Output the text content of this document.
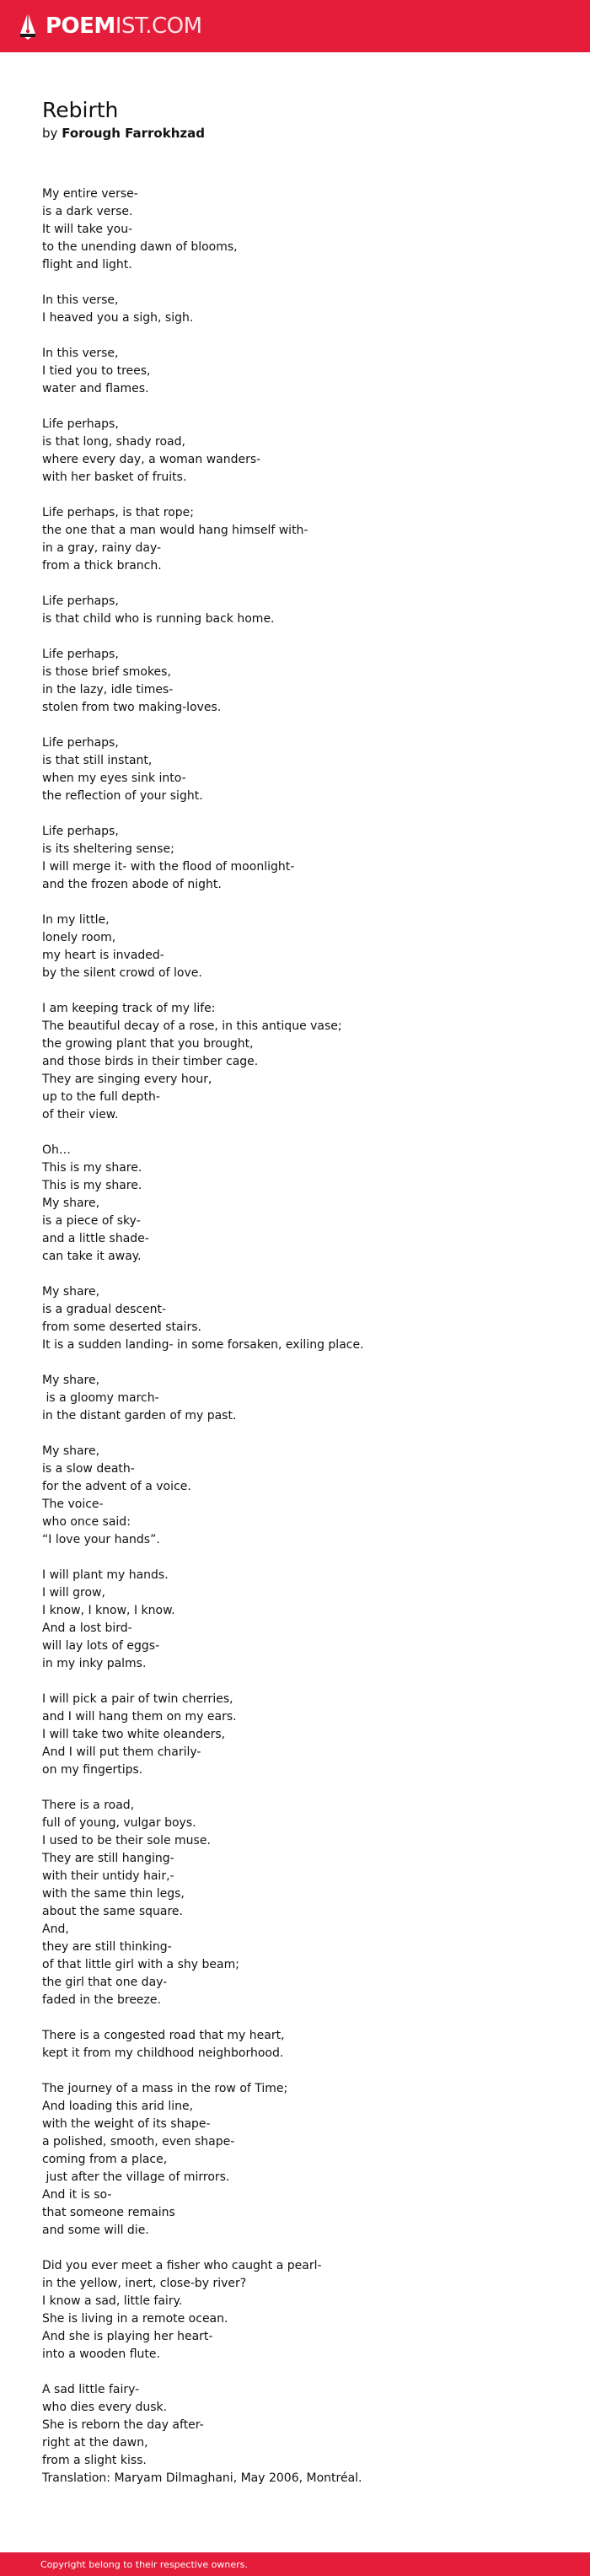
POEMIST.COM
Rebirth

by Forough Farrokhzad

My entire verse-
is a dark verse.
It will take you-
to the unending dawn of blooms,
flight and light.
In this verse,
I heaved you a sigh, sigh.
In this verse,
I tied you to trees,
water and flames.
Life perhaps,
is that long, shady road,
where every day, a woman wanders-
with her basket of fruits.
Life perhaps, is that rope;
the one that a man would hang himself with-
in a gray, rainy day-
from a thick branch.
Life perhaps,
is that child who is running back home.
Life perhaps,
is those brief smokes,
in the lazy, idle times-
stolen from two making-loves.
Life perhaps,
is that still instant,
when my eyes sink into-
the reflection of your sight.
Life perhaps,
is its sheltering sense;
I will merge it- with the flood of moonlight-
and the frozen abode of night.
In my little,
lonely room,
my heart is invaded-
by the silent crowd of love.
I am keeping track of my life:
The beautiful decay of a rose, in this antique vase;
the growing plant that you brought,
and those birds in their timber cage.
They are singing every hour,
up to the full depth-
of their view.
Oh…
This is my share.
This is my share.
My share,
is a piece of sky-
and a little shade-
can take it away.
My share,
is a gradual descent-
from some deserted stairs.
It is a sudden landing- in some forsaken, exiling place.
My share,
is a gloomy march-
in the distant garden of my past.
My share,
is a slow death-
for the advent of a voice.
The voice-
who once said:
“I love your hands”.
I will plant my hands.
I will grow,
I know, I know, I know.
And a lost bird-
will lay lots of eggs-
in my inky palms.
I will pick a pair of twin cherries,
and I will hang them on my ears.
I will take two white oleanders,
And I will put them charily-
on my fingertips.
There is a road,
full of young, vulgar boys.
I used to be their sole muse.
They are still hanging-
with their untidy hair,-
with the same thin legs,
about the same square.
And,
they are still thinking-
of that little girl with a shy beam;
the girl that one day-
faded in the breeze.
There is a congested road that my heart,
kept it from my childhood neighborhood.
The journey of a mass in the row of Time;
And loading this arid line,
with the weight of its shape-
a polished, smooth, even shape-
coming from a place,
just after the village of mirrors.
And it is so-
that someone remains
and some will die.
Did you ever meet a fisher who caught a pearl-
in the yellow, inert, close-by river?
I know a sad, little fairy.
She is living in a remote ocean.
And she is playing her heart-
into a wooden flute.
A sad little fairy-
who dies every dusk.
She is reborn the day after-
right at the dawn,
from a slight kiss.
Translation: Maryam Dilmaghani, May 2006, Montréal.
Copyright belong to their respective owners.
